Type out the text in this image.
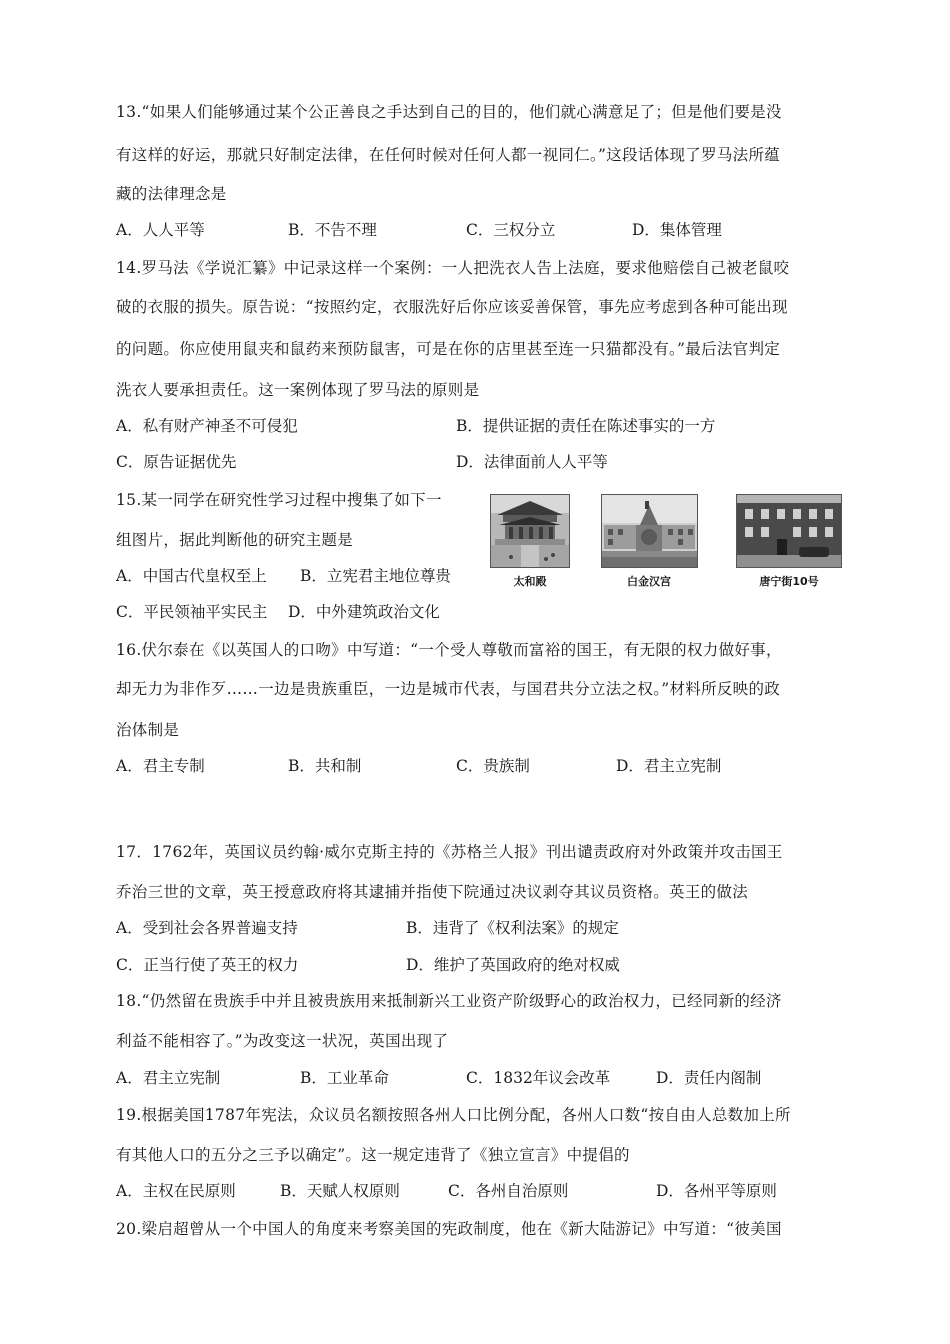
13.“如果人们能够通过某个公正善良之手达到自己的目的，他们就心满意足了；但是他们要是没
有这样的好运，那就只好制定法律，在任何时候对任何人都一视同仁。”这段话体现了罗马法所蕴
藏的法律理念是
A．人人平等	B．不告不理	C．三权分立	D．集体管理
14.罗马法《学说汇纂》中记录这样一个案例：一人把洗衣人告上法庭，要求他赔偿自己被老鼠咬
破的衣服的损失。原告说：“按照约定，衣服洗好后你应该妥善保管，事先应考虑到各种可能出现
的问题。你应使用鼠夹和鼠药来预防鼠害，可是在你的店里甚至连一只猫都没有。”最后法官判定
洗衣人要承担责任。这一案例体现了罗马法的原则是
A．私有财产神圣不可侵犯	B．提供证据的责任在陈述事实的一方
C．原告证据优先	D．法律面前人人平等
15.某一同学在研究性学习过程中搜集了如下一
组图片，据此判断他的研究主题是
A．中国古代皇权至上 B．立宪君主地位尊贵
C．平民领袖平实民主 D．中外建筑政治文化
太和殿	白金汉宫	唐宁街10号
16.伏尔泰在《以英国人的口吻》中写道：“一个受人尊敬而富裕的国王，有无限的权力做好事，
却无力为非作歹……一边是贵族重臣，一边是城市代表，与国君共分立法之权。”材料所反映的政
治体制是
A．君主专制	B．共和制	C．贵族制	D．君主立宪制
17．1762年，英国议员约翰·威尔克斯主持的《苏格兰人报》刊出谴责政府对外政策并攻击国王
乔治三世的文章，英王授意政府将其逮捕并指使下院通过决议剥夺其议员资格。英王的做法
A．受到社会各界普遍支持	B．违背了《权利法案》的规定
C．正当行使了英王的权力	D．维护了英国政府的绝对权威
18.“仍然留在贵族手中并且被贵族用来抵制新兴工业资产阶级野心的政治权力，已经同新的经济
利益不能相容了。”为改变这一状况，英国出现了
A．君主立宪制	B．工业革命	C．1832年议会改革	D．责任内阁制
19.根据美国1787年宪法，众议员名额按照各州人口比例分配，各州人口数“按自由人总数加上所
有其他人口的五分之三予以确定”。这一规定违背了《独立宣言》中提倡的
A．主权在民原则	B．天赋人权原则	C．各州自治原则	D．各州平等原则
20.梁启超曾从一个中国人的角度来考察美国的宪政制度，他在《新大陆游记》中写道：“彼美国
